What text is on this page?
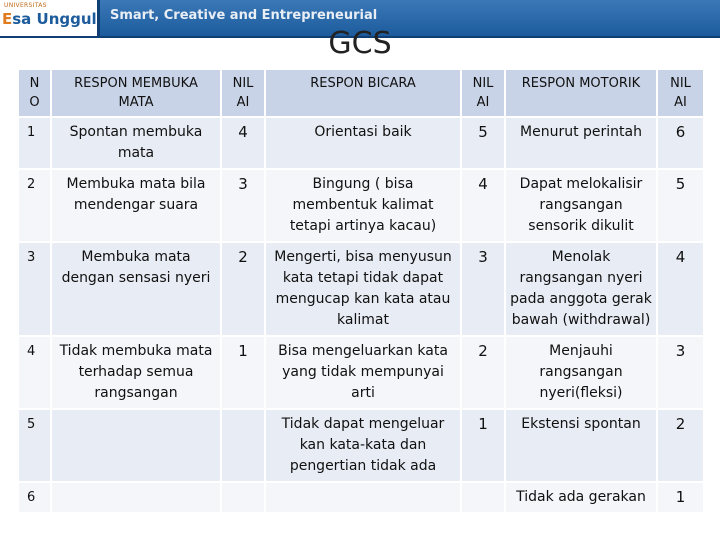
UNIVERSITAS
Esa Unggul Smart, Creative and Entrepreneurial
GCS
N O	RESPON MEMBUKA MATA	NIL AI	RESPON BICARA	NIL AI	RESPON MOTORIK	NIL AI
1	Spontan membuka mata	4	Orientasi baik	5	Menurut perintah	6
2	Membuka mata bila mendengar suara	3	Bingung ( bisa membentuk kalimat tetapi artinya kacau)	4	Dapat melokalisir rangsangan sensorik dikulit	5
3	Membuka mata dengan sensasi nyeri	2	Mengerti, bisa menyusun kata tetapi tidak dapat mengucap kan kata atau kalimat	3	Menolak rangsangan nyeri pada anggota gerak bawah (withdrawal)	4
4	Tidak membuka mata terhadap semua rangsangan	1	Bisa mengeluarkan kata yang tidak mempunyai arti	2	Menjauhi rangsangan nyeri(fleksi)	3
5			Tidak dapat mengeluar kan kata-kata dan pengertian tidak ada	1	Ekstensi spontan	2
6					Tidak ada gerakan	1
